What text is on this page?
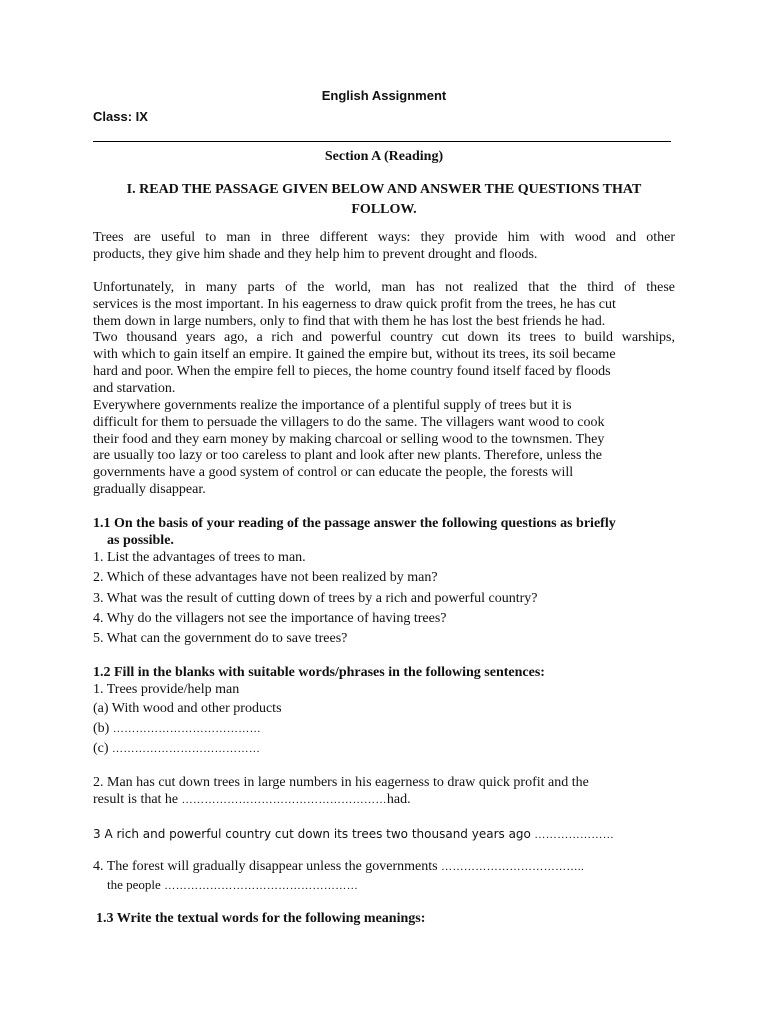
English Assignment
Class: IX
Section A (Reading)
I. READ THE PASSAGE GIVEN BELOW AND ANSWER THE QUESTIONS THAT
FOLLOW.
Trees are useful to man in three different ways: they provide him with wood and other
products, they give him shade and they help him to prevent drought and floods.
Unfortunately, in many parts of the world, man has not realized that the third of these
services is the most important. In his eagerness to draw quick profit from the trees, he has cut
them down in large numbers, only to find that with them he has lost the best friends he had.
Two thousand years ago, a rich and powerful country cut down its trees to build warships,
with which to gain itself an empire. It gained the empire but, without its trees, its soil became
hard and poor. When the empire fell to pieces, the home country found itself faced by floods
and starvation.
Everywhere governments realize the importance of a plentiful supply of trees but it is
difficult for them to persuade the villagers to do the same. The villagers want wood to cook
their food and they earn money by making charcoal or selling wood to the townsmen. They
are usually too lazy or too careless to plant and look after new plants. Therefore, unless the
governments have a good system of control or can educate the people, the forests will
gradually disappear.
1.1 On the basis of your reading of the passage answer the following questions as briefly
as possible.
1. List the advantages of trees to man.
2. Which of these advantages have not been realized by man?
3. What was the result of cutting down of trees by a rich and powerful country?
4. Why do the villagers not see the importance of having trees?
5. What can the government do to save trees?
1.2 Fill in the blanks with suitable words/phrases in the following sentences:
1. Trees provide/help man
(a) With wood and other products
(b) …………………………………
(c) …………………………………
2. Man has cut down trees in large numbers in his eagerness to draw quick profit and the
result is that he ………………………………………………had.
3 A rich and powerful country cut down its trees two thousand years ago …………………
4. The forest will gradually disappear unless the governments ………………………………..
the people ……………………………………………
1.3 Write the textual words for the following meanings:
